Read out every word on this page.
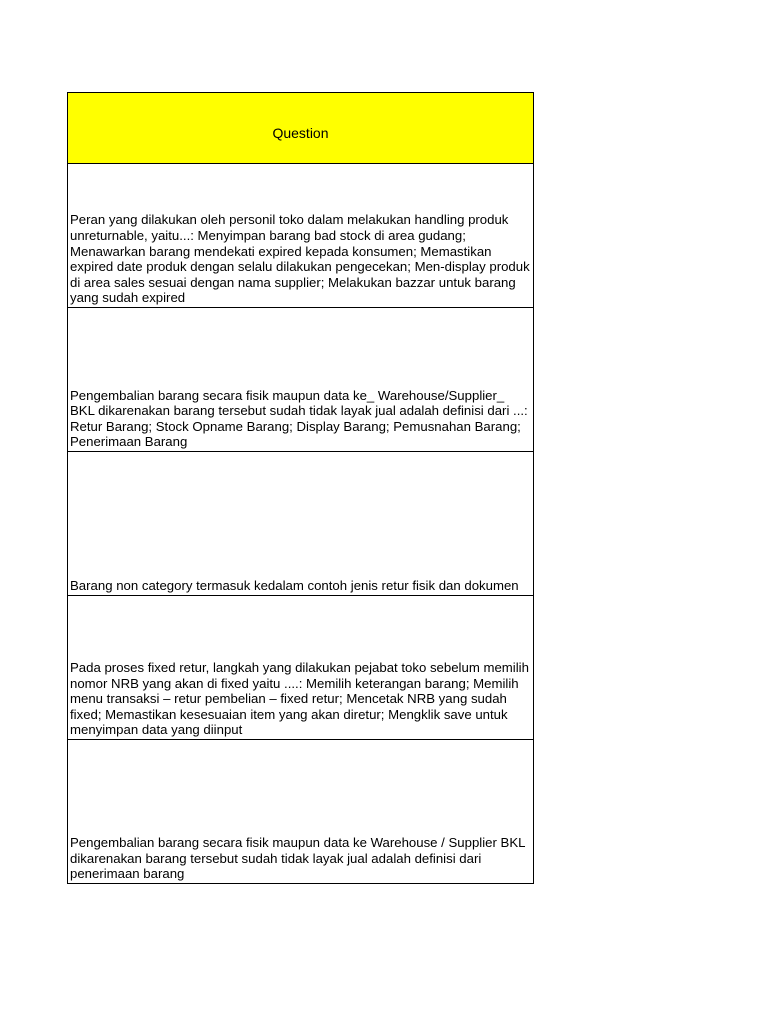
Question
Peran yang dilakukan oleh personil toko dalam melakukan handling produk unreturnable, yaitu...: Menyimpan barang bad stock di area gudang; Menawarkan barang mendekati expired kepada konsumen; Memastikan expired date produk dengan selalu dilakukan pengecekan; Men-display produk di area sales sesuai dengan nama supplier; Melakukan bazzar untuk barang yang sudah expired
Pengembalian barang secara fisik maupun data ke_ Warehouse/Supplier_ BKL dikarenakan barang tersebut sudah tidak layak jual adalah definisi dari ...: Retur Barang; Stock Opname Barang; Display Barang; Pemusnahan Barang; Penerimaan Barang
Barang non category termasuk kedalam contoh jenis retur fisik dan dokumen
Pada proses fixed retur, langkah yang dilakukan pejabat toko sebelum memilih nomor NRB yang akan di fixed yaitu ....: Memilih keterangan barang; Memilih menu transaksi – retur pembelian – fixed retur; Mencetak NRB yang sudah fixed; Memastikan kesesuaian item yang akan diretur; Mengklik save untuk menyimpan data yang diinput
Pengembalian barang secara fisik maupun data ke Warehouse / Supplier BKL dikarenakan barang tersebut sudah tidak layak jual adalah definisi dari penerimaan barang
